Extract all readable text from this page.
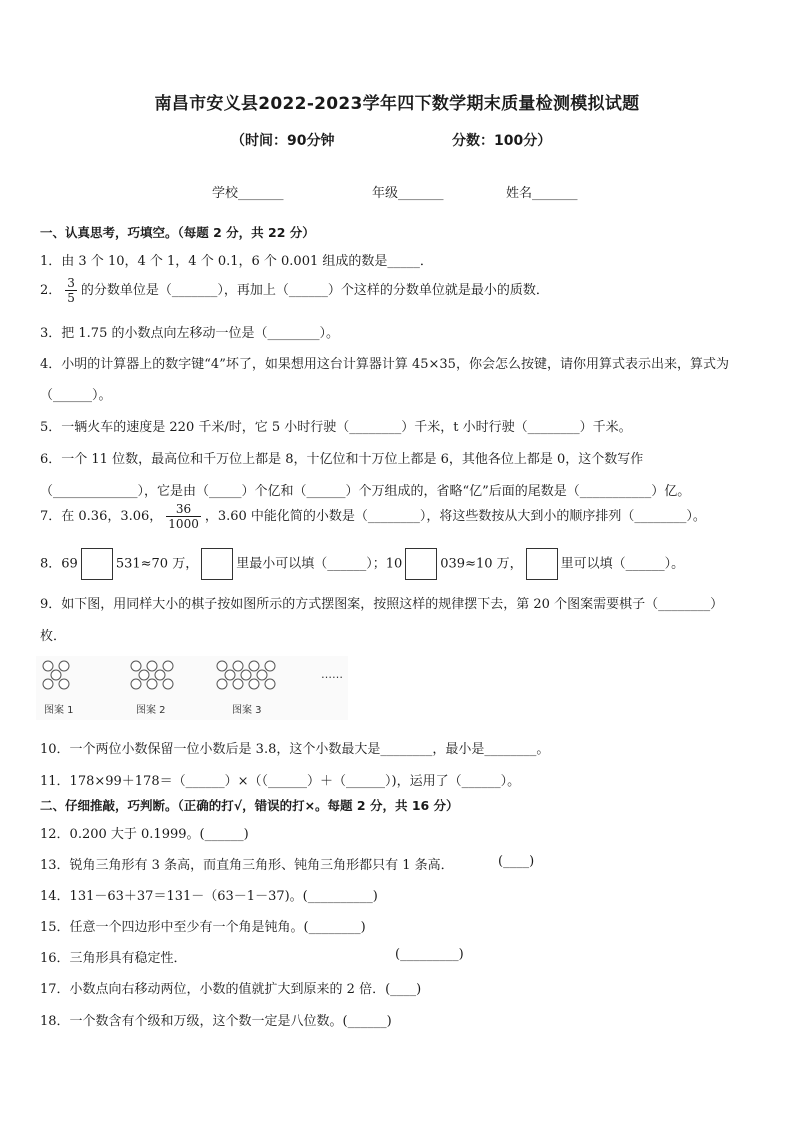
南昌市安义县2022-2023学年四下数学期末质量检测模拟试题
（时间：90分钟	分数：100分）
学校_______	年级_______	姓名_______
一、认真思考，巧填空。（每题 2 分，共 22 分）
1．由 3 个 10，4 个 1，4 个 0.1，6 个 0.001 组成的数是_____．
2． $\frac{3}{5}$ 的分数单位是（_______），再加上（______）个这样的分数单位就是最小的质数．
3．把 1.75 的小数点向左移动一位是（________）。
4．小明的计算器上的数字键“4”坏了，如果想用这台计算器计算 45×35，你会怎么按键，请你用算式表示出来，算式为
（______）。
5．一辆火车的速度是 220 千米/时，它 5 小时行驶（________）千米，t 小时行驶（________）千米。
6．一个 11 位数，最高位和千万位上都是 8，十亿位和十万位上都是 6，其他各位上都是 0，这个数写作
（_____________），它是由（_____）个亿和（______）个万组成的，省略“亿”后面的尾数是（___________）亿。
7．在 0.36，3.06， $\frac{36}{1000}$ ，3.60 中能化简的小数是（________），将这些数按从大到小的顺序排列（________）。
8．69	531≈70 万，	里最小可以填（______）；10	039≈10 万，	里可以填（______）。
9．如下图，用同样大小的棋子按如图所示的方式摆图案，按照这样的规律摆下去，第 20 个图案需要棋子（________）
枚．
……
图案 1	图案 2	图案 3
10．一个两位小数保留一位小数后是 3.8，这个小数最大是________，最小是________。
11．178×99＋178＝（______）×（（______）＋（______）)，运用了（______）。
二、仔细推敲，巧判断。（正确的打√，错误的打×。每题 2 分，共 16 分）
12．0.200 大于 0.1999。(______)
13．锐角三角形有 3 条高，而直角三角形、钝角三角形都只有 1 条高．	(____)
14．131－63＋37＝131－（63－1－37)。(__________)
15．任意一个四边形中至少有一个角是钝角。(________)
16．三角形具有稳定性．	(_________)
17．小数点向右移动两位，小数的值就扩大到原来的 2 倍．(____)
18．一个数含有个级和万级，这个数一定是八位数。(______)
